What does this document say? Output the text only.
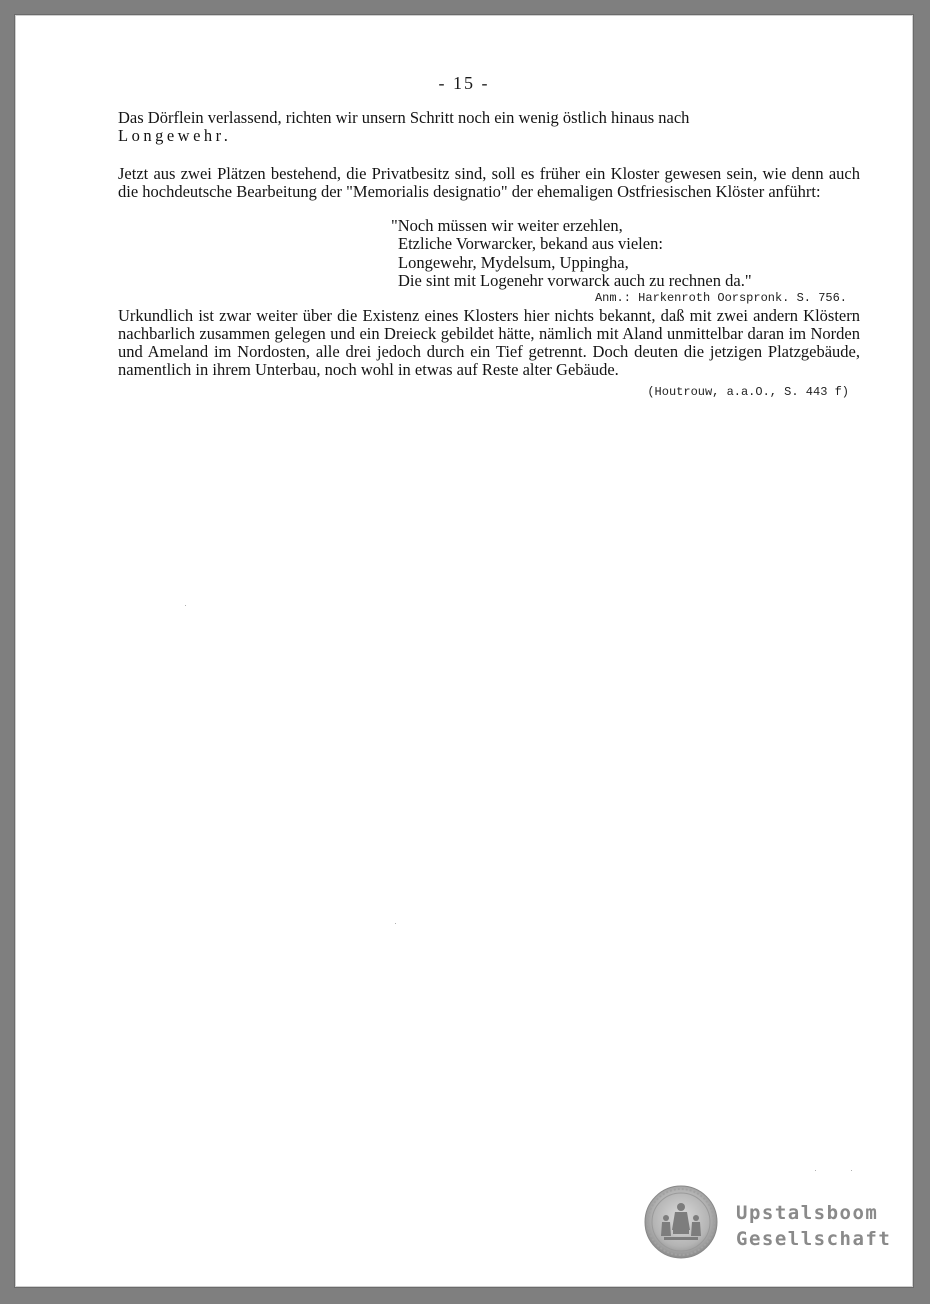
- 15 -
Das Dörflein verlassend, richten wir unsern Schritt noch ein wenig östlich hinaus nach
Longewehr.
Jetzt aus zwei Plätzen bestehend, die Privatbesitz sind, soll es früher ein Kloster gewesen sein, wie denn auch die hochdeutsche Bearbeitung der "Memorialis designatio" der ehemaligen Ostfriesischen Klöster anführt:
"Noch müssen wir weiter erzehlen,
Etzliche Vorwarcker, bekand aus vielen:
Longewehr, Mydelsum, Uppingha,
Die sint mit Logenehr vorwarck auch zu rechnen da."
Anm.: Harkenroth Oorspronk. S. 756.
Urkundlich ist zwar weiter über die Existenz eines Klosters hier nichts bekannt, daß mit zwei andern Klöstern nachbarlich zusammen gelegen und ein Dreieck gebildet hätte, nämlich mit Aland unmittelbar daran im Norden und Ameland im Nordosten, alle drei jedoch durch ein Tief getrennt. Doch deuten die jetzigen Platzgebäude, namentlich in ihrem Unterbau, noch wohl in etwas auf Reste alter Gebäude.
(Houtrouw, a.a.O., S. 443 f)
Upstalsboom
Gesellschaft
